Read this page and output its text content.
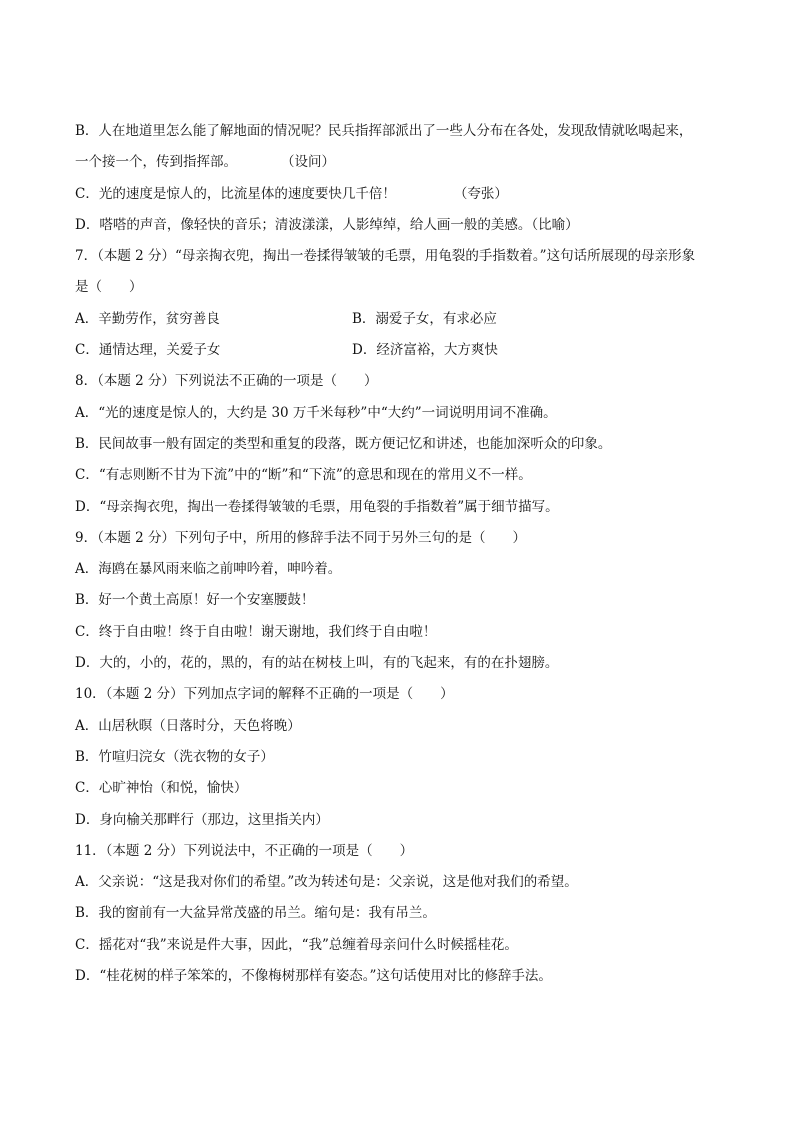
B．人在地道里怎么能了解地面的情况呢？民兵指挥部派出了一些人分布在各处，发现敌情就吆喝起来，
一个接一个，传到指挥部。	（设问）
C．光的速度是惊人的，比流星体的速度要快几千倍！	（夸张）
D．嗒嗒的声音，像轻快的音乐；清波漾漾，人影绰绰，给人画一般的美感。（比喻）
7．（本题 2 分）“母亲掏衣兜，掏出一卷揉得皱皱的毛票，用龟裂的手指数着。”这句话所展现的母亲形象
是（　　）
A．辛勤劳作，贫穷善良	B．溺爱子女，有求必应
C．通情达理，关爱子女	D．经济富裕，大方爽快
8．（本题 2 分）下列说法不正确的一项是（　　）
A．“光的速度是惊人的，大约是 30 万千米每秒”中“大约”一词说明用词不准确。
B．民间故事一般有固定的类型和重复的段落，既方便记忆和讲述，也能加深听众的印象。
C．“有志则断不甘为下流”中的“断”和“下流”的意思和现在的常用义不一样。
D．“母亲掏衣兜，掏出一卷揉得皱皱的毛票，用龟裂的手指数着”属于细节描写。
9．（本题 2 分）下列句子中，所用的修辞手法不同于另外三句的是（　　）
A．海鸥在暴风雨来临之前呻吟着，呻吟着。
B．好一个黄土高原！好一个安塞腰鼓！
C．终于自由啦！终于自由啦！谢天谢地，我们终于自由啦！
D．大的，小的，花的，黑的，有的站在树枝上叫，有的飞起来，有的在扑翅膀。
10．（本题 2 分）下列加点字词的解释不正确的一项是（　　）
A．山居秋暝（日落时分，天色将晚）
B．竹喧归浣女（洗衣物的女子）
C．心旷神怡（和悦，愉快）
D．身向榆关那畔行（那边，这里指关内）
11．（本题 2 分）下列说法中，不正确的一项是（　　）
A．父亲说：“这是我对你们的希望。”改为转述句是：父亲说，这是他对我们的希望。
B．我的窗前有一大盆异常茂盛的吊兰。缩句是：我有吊兰。
C．摇花对“我”来说是件大事，因此，“我”总缠着母亲问什么时候摇桂花。
D．“桂花树的样子笨笨的，不像梅树那样有姿态。”这句话使用对比的修辞手法。
